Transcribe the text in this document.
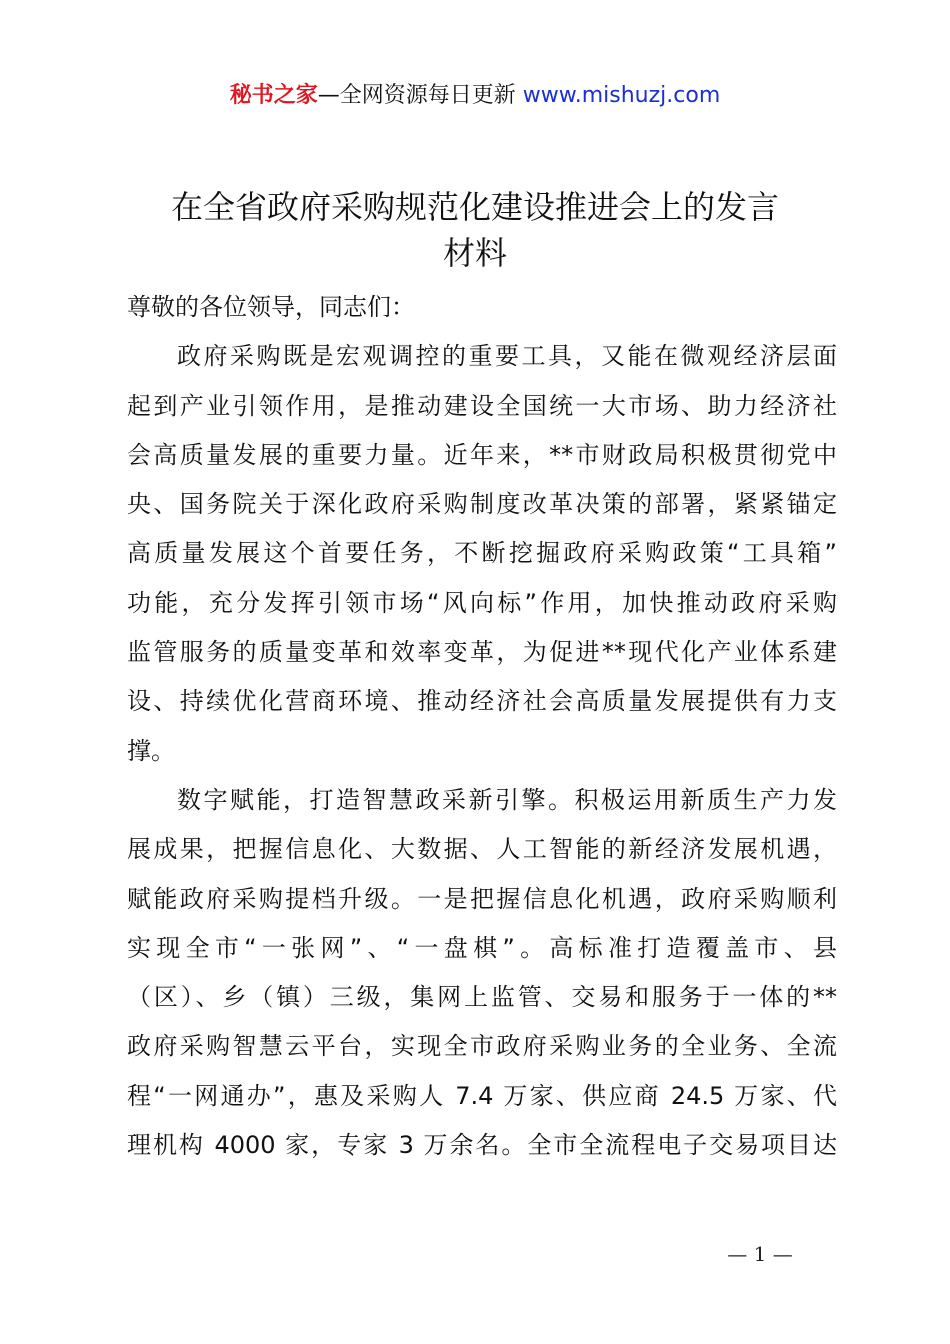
秘书之家—全网资源每日更新 www.mishuzj.com
在全省政府采购规范化建设推进会上的发言
材料
尊敬的各位领导，同志们：
政府采购既是宏观调控的重要工具，又能在微观经济层面
起到产业引领作用，是推动建设全国统一大市场、助力经济社
会高质量发展的重要力量。近年来，**市财政局积极贯彻党中
央、国务院关于深化政府采购制度改革决策的部署，紧紧锚定
高质量发展这个首要任务，不断挖掘政府采购政策“工具箱”
功能，充分发挥引领市场“风向标”作用，加快推动政府采购
监管服务的质量变革和效率变革，为促进**现代化产业体系建
设、持续优化营商环境、推动经济社会高质量发展提供有力支
撑。
数字赋能，打造智慧政采新引擎。积极运用新质生产力发
展成果，把握信息化、大数据、人工智能的新经济发展机遇，
赋能政府采购提档升级。一是把握信息化机遇，政府采购顺利
实现全市“一张网”、“一盘棋”。高标准打造覆盖市、县
（区）、乡（镇）三级，集网上监管、交易和服务于一体的**
政府采购智慧云平台，实现全市政府采购业务的全业务、全流
程“一网通办”，惠及采购人 7.4 万家、供应商 24.5 万家、代
理机构 4000 家，专家 3 万余名。全市全流程电子交易项目达
— 1 —
